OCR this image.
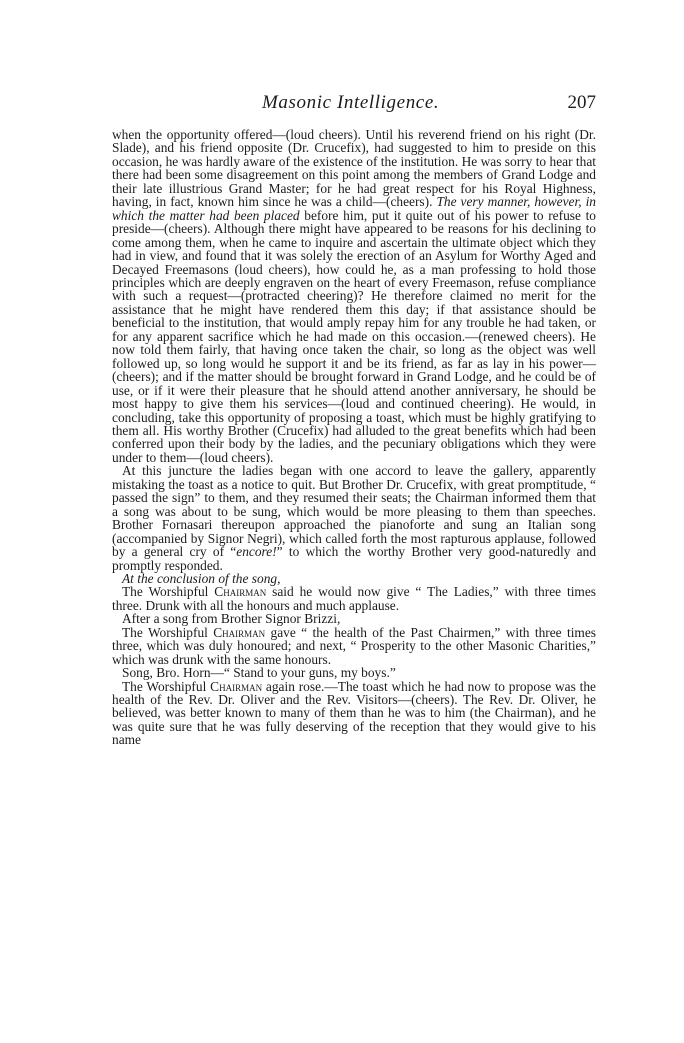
Masonic Intelligence.	207

when the opportunity offered—(loud cheers). Until his reverend friend on his right (Dr. Slade), and his friend opposite (Dr. Crucefix), had suggested to him to preside on this occasion, he was hardly aware of the existence of the institution. He was sorry to hear that there had been some disagreement on this point among the members of Grand Lodge and their late illustrious Grand Master; for he had great respect for his Royal Highness, having, in fact, known him since he was a child—(cheers). The very manner, however, in which the matter had been placed before him, put it quite out of his power to refuse to preside—(cheers). Although there might have appeared to be reasons for his declining to come among them, when he came to inquire and ascertain the ultimate object which they had in view, and found that it was solely the erection of an Asylum for Worthy Aged and Decayed Freemasons (loud cheers), how could he, as a man professing to hold those principles which are deeply engraven on the heart of every Freemason, refuse compliance with such a request—(protracted cheering)? He therefore claimed no merit for the assistance that he might have rendered them this day; if that assistance should be beneficial to the institution, that would amply repay him for any trouble he had taken, or for any apparent sacrifice which he had made on this occasion.—(renewed cheers). He now told them fairly, that having once taken the chair, so long as the object was well followed up, so long would he support it and be its friend, as far as lay in his power—(cheers); and if the matter should be brought forward in Grand Lodge, and he could be of use, or if it were their pleasure that he should attend another anniversary, he should be most happy to give them his services—(loud and continued cheering). He would, in concluding, take this opportunity of proposing a toast, which must be highly gratifying to them all. His worthy Brother (Crucefix) had alluded to the great benefits which had been conferred upon their body by the ladies, and the pecuniary obligations which they were under to them—(loud cheers).

At this juncture the ladies began with one accord to leave the gallery, apparently mistaking the toast as a notice to quit. But Brother Dr. Crucefix, with great promptitude, “ passed the sign” to them, and they resumed their seats; the Chairman informed them that a song was about to be sung, which would be more pleasing to them than speeches. Brother Fornasari thereupon approached the pianoforte and sung an Italian song (accompanied by Signor Negri), which called forth the most rapturous applause, followed by a general cry of “encore!” to which the worthy Brother very good-naturedly and promptly responded.

At the conclusion of the song,

The Worshipful Chairman said he would now give “ The Ladies,” with three times three. Drunk with all the honours and much applause.

After a song from Brother Signor Brizzi,

The Worshipful Chairman gave “ the health of the Past Chairmen,” with three times three, which was duly honoured; and next, “ Prosperity to the other Masonic Charities,” which was drunk with the same honours.

Song, Bro. Horn—“ Stand to your guns, my boys.”

The Worshipful Chairman again rose.—The toast which he had now to propose was the health of the Rev. Dr. Oliver and the Rev. Visitors—(cheers). The Rev. Dr. Oliver, he believed, was better known to many of them than he was to him (the Chairman), and he was quite sure that he was fully deserving of the reception that they would give to his name
